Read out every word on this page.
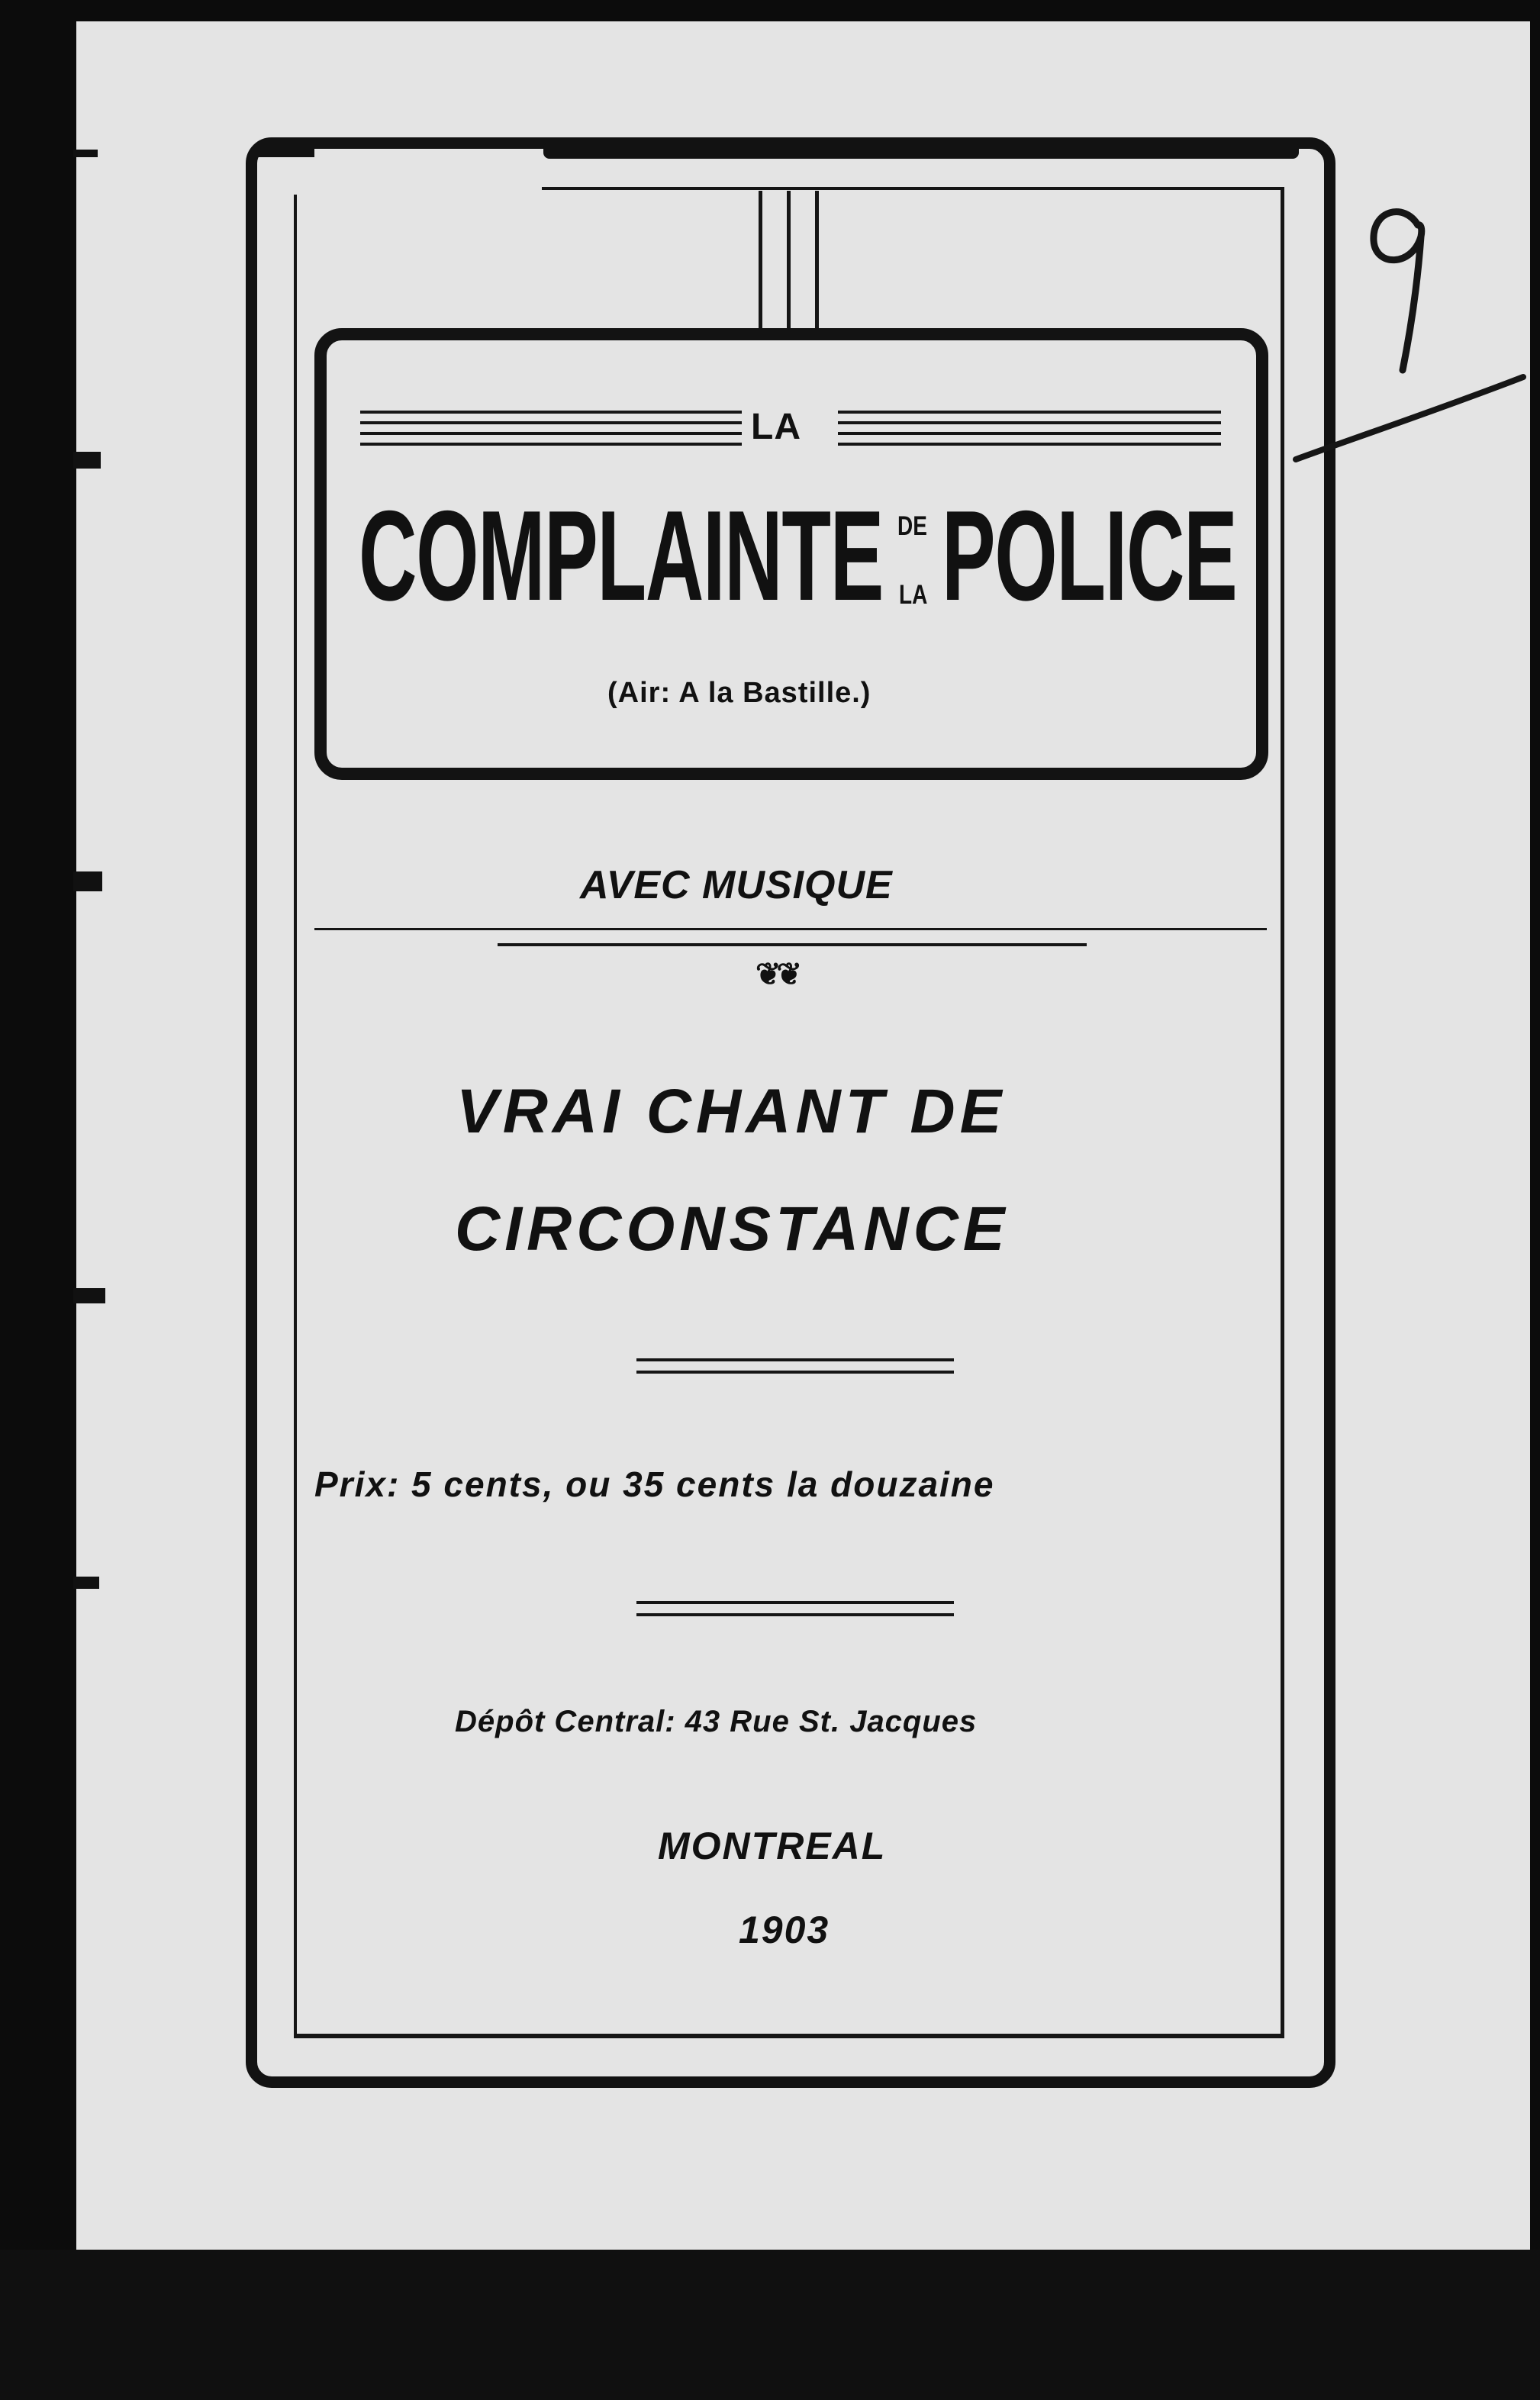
LA

COMPLAINTE DE

LA POLICE

(Air: A la Bastille.)

AVEC MUSIQUE

❦❦

VRAI CHANT DE

CIRCONSTANCE

Prix: 5 cents, ou 35 cents la douzaine

Dépôt Central: 43 Rue St. Jacques

MONTREAL

1903
